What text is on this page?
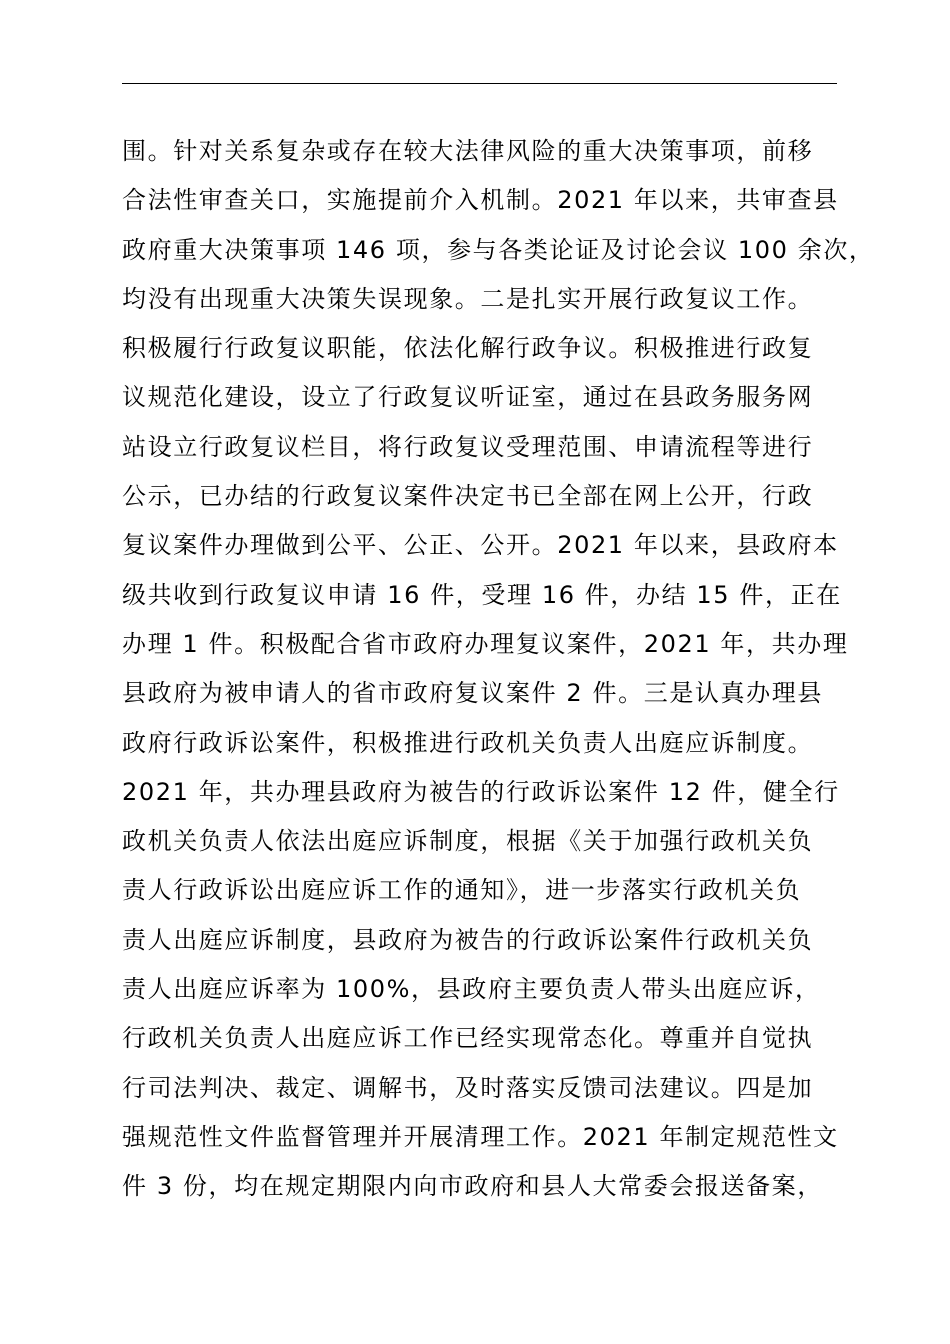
围。针对关系复杂或存在较大法律风险的重大决策事项，前移
合法性审查关口，实施提前介入机制。2021 年以来，共审查县
政府重大决策事项 146 项，参与各类论证及讨论会议 100 余次，
均没有出现重大决策失误现象。二是扎实开展行政复议工作。
积极履行行政复议职能，依法化解行政争议。积极推进行政复
议规范化建设，设立了行政复议听证室，通过在县政务服务网
站设立行政复议栏目，将行政复议受理范围、申请流程等进行
公示，已办结的行政复议案件决定书已全部在网上公开，行政
复议案件办理做到公平、公正、公开。2021 年以来，县政府本
级共收到行政复议申请 16 件，受理 16 件，办结 15 件，正在
办理 1 件。积极配合省市政府办理复议案件，2021 年，共办理
县政府为被申请人的省市政府复议案件 2 件。三是认真办理县
政府行政诉讼案件，积极推进行政机关负责人出庭应诉制度。
2021 年，共办理县政府为被告的行政诉讼案件 12 件，健全行
政机关负责人依法出庭应诉制度，根据《关于加强行政机关负
责人行政诉讼出庭应诉工作的通知》，进一步落实行政机关负
责人出庭应诉制度，县政府为被告的行政诉讼案件行政机关负
责人出庭应诉率为 100%，县政府主要负责人带头出庭应诉，
行政机关负责人出庭应诉工作已经实现常态化。尊重并自觉执
行司法判决、裁定、调解书，及时落实反馈司法建议。四是加
强规范性文件监督管理并开展清理工作。2021 年制定规范性文
件 3 份，均在规定期限内向市政府和县人大常委会报送备案，
